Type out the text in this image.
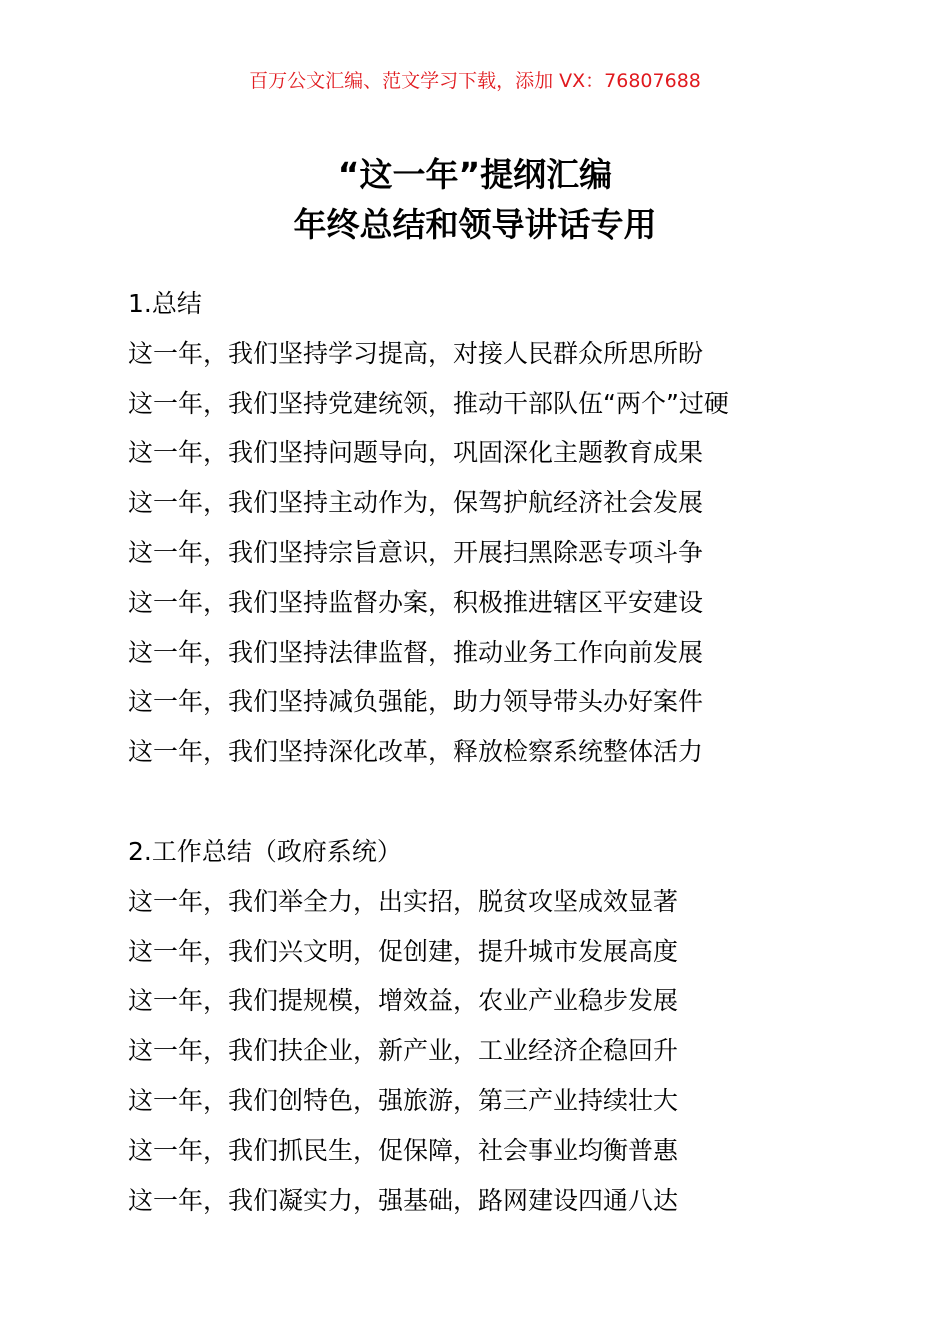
百万公文汇编、范文学习下载，添加 VX：76807688
“这一年”提纲汇编
年终总结和领导讲话专用
1.总结
这一年，我们坚持学习提高，对接人民群众所思所盼
这一年，我们坚持党建统领，推动干部队伍“两个”过硬
这一年，我们坚持问题导向，巩固深化主题教育成果
这一年，我们坚持主动作为，保驾护航经济社会发展
这一年，我们坚持宗旨意识，开展扫黑除恶专项斗争
这一年，我们坚持监督办案，积极推进辖区平安建设
这一年，我们坚持法律监督，推动业务工作向前发展
这一年，我们坚持减负强能，助力领导带头办好案件
这一年，我们坚持深化改革，释放检察系统整体活力
2.工作总结（政府系统）
这一年，我们举全力，出实招，脱贫攻坚成效显著
这一年，我们兴文明，促创建，提升城市发展高度
这一年，我们提规模，增效益，农业产业稳步发展
这一年，我们扶企业，新产业，工业经济企稳回升
这一年，我们创特色，强旅游，第三产业持续壮大
这一年，我们抓民生，促保障，社会事业均衡普惠
这一年，我们凝实力，强基础，路网建设四通八达
